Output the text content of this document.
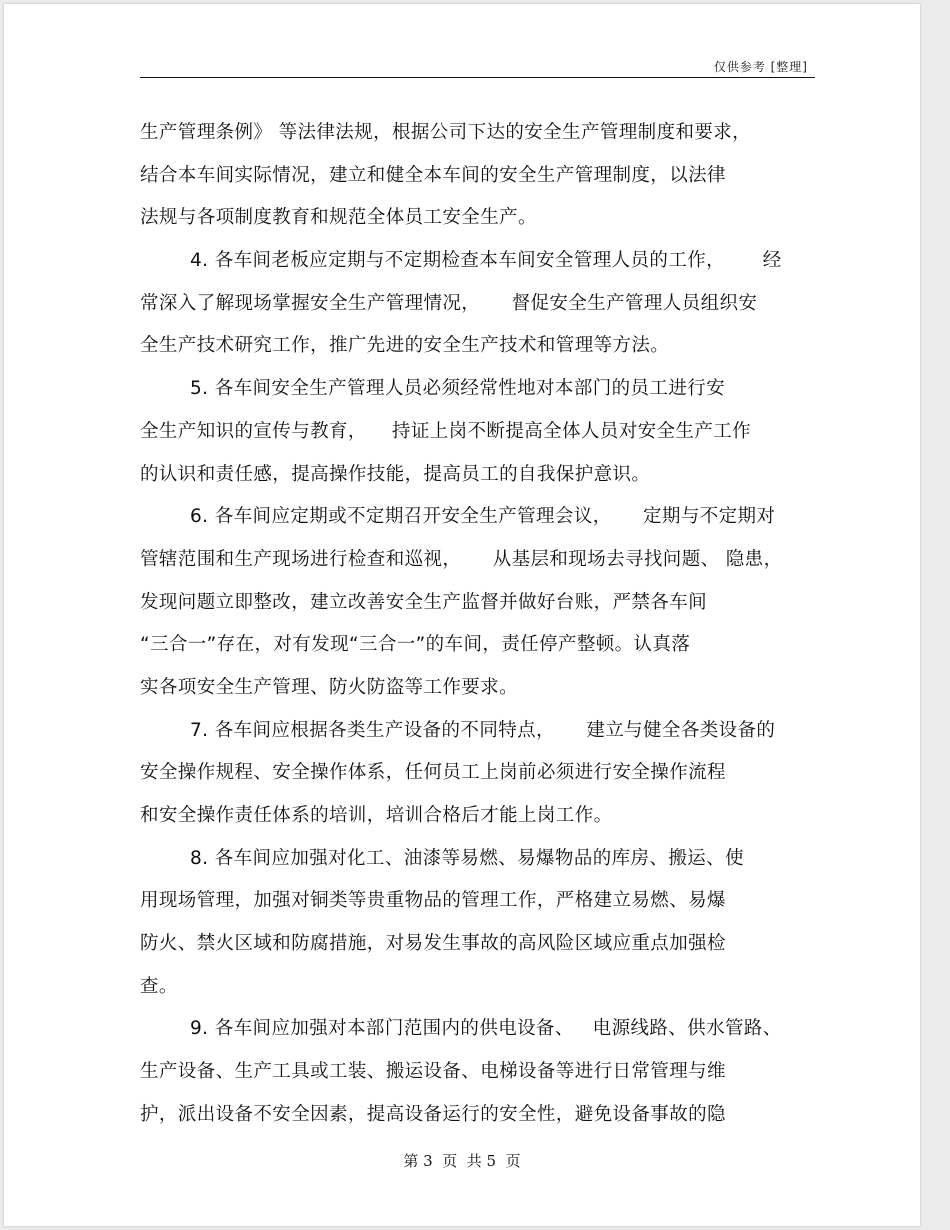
仅供参考 [整理]
生产管理条例》 等法律法规，根据公司下达的安全生产管理制度和要求，
结合本车间实际情况，建立和健全本车间的安全生产管理制度，以法律
法规与各项制度教育和规范全体员工安全生产。
4. 各车间老板应定期与不定期检查本车间安全管理人员的工作，      经
常深入了解现场掌握安全生产管理情况，     督促安全生产管理人员组织安
全生产技术研究工作，推广先进的安全生产技术和管理等方法。
5. 各车间安全生产管理人员必须经常性地对本部门的员工进行安
全生产知识的宣传与教育，    持证上岗不断提高全体人员对安全生产工作
的认识和责任感，提高操作技能，提高员工的自我保护意识。
6. 各车间应定期或不定期召开安全生产管理会议，     定期与不定期对
管辖范围和生产现场进行检查和巡视，     从基层和现场去寻找问题、 隐患，
发现问题立即整改，建立改善安全生产监督并做好台账，严禁各车间
“三合一”存在，对有发现“三合一”的车间，责任停产整顿。认真落
实各项安全生产管理、防火防盗等工作要求。
7. 各车间应根据各类生产设备的不同特点，     建立与健全各类设备的
安全操作规程、安全操作体系，任何员工上岗前必须进行安全操作流程
和安全操作责任体系的培训，培训合格后才能上岗工作。
8. 各车间应加强对化工、油漆等易燃、易爆物品的库房、搬运、使
用现场管理，加强对铜类等贵重物品的管理工作，严格建立易燃、易爆
防火、禁火区域和防腐措施，对易发生事故的高风险区域应重点加强检
查。
9. 各车间应加强对本部门范围内的供电设备、   电源线路、供水管路、
生产设备、生产工具或工装、搬运设备、电梯设备等进行日常管理与维
护，派出设备不安全因素，提高设备运行的安全性，避免设备事故的隐
第 3  页  共 5  页
